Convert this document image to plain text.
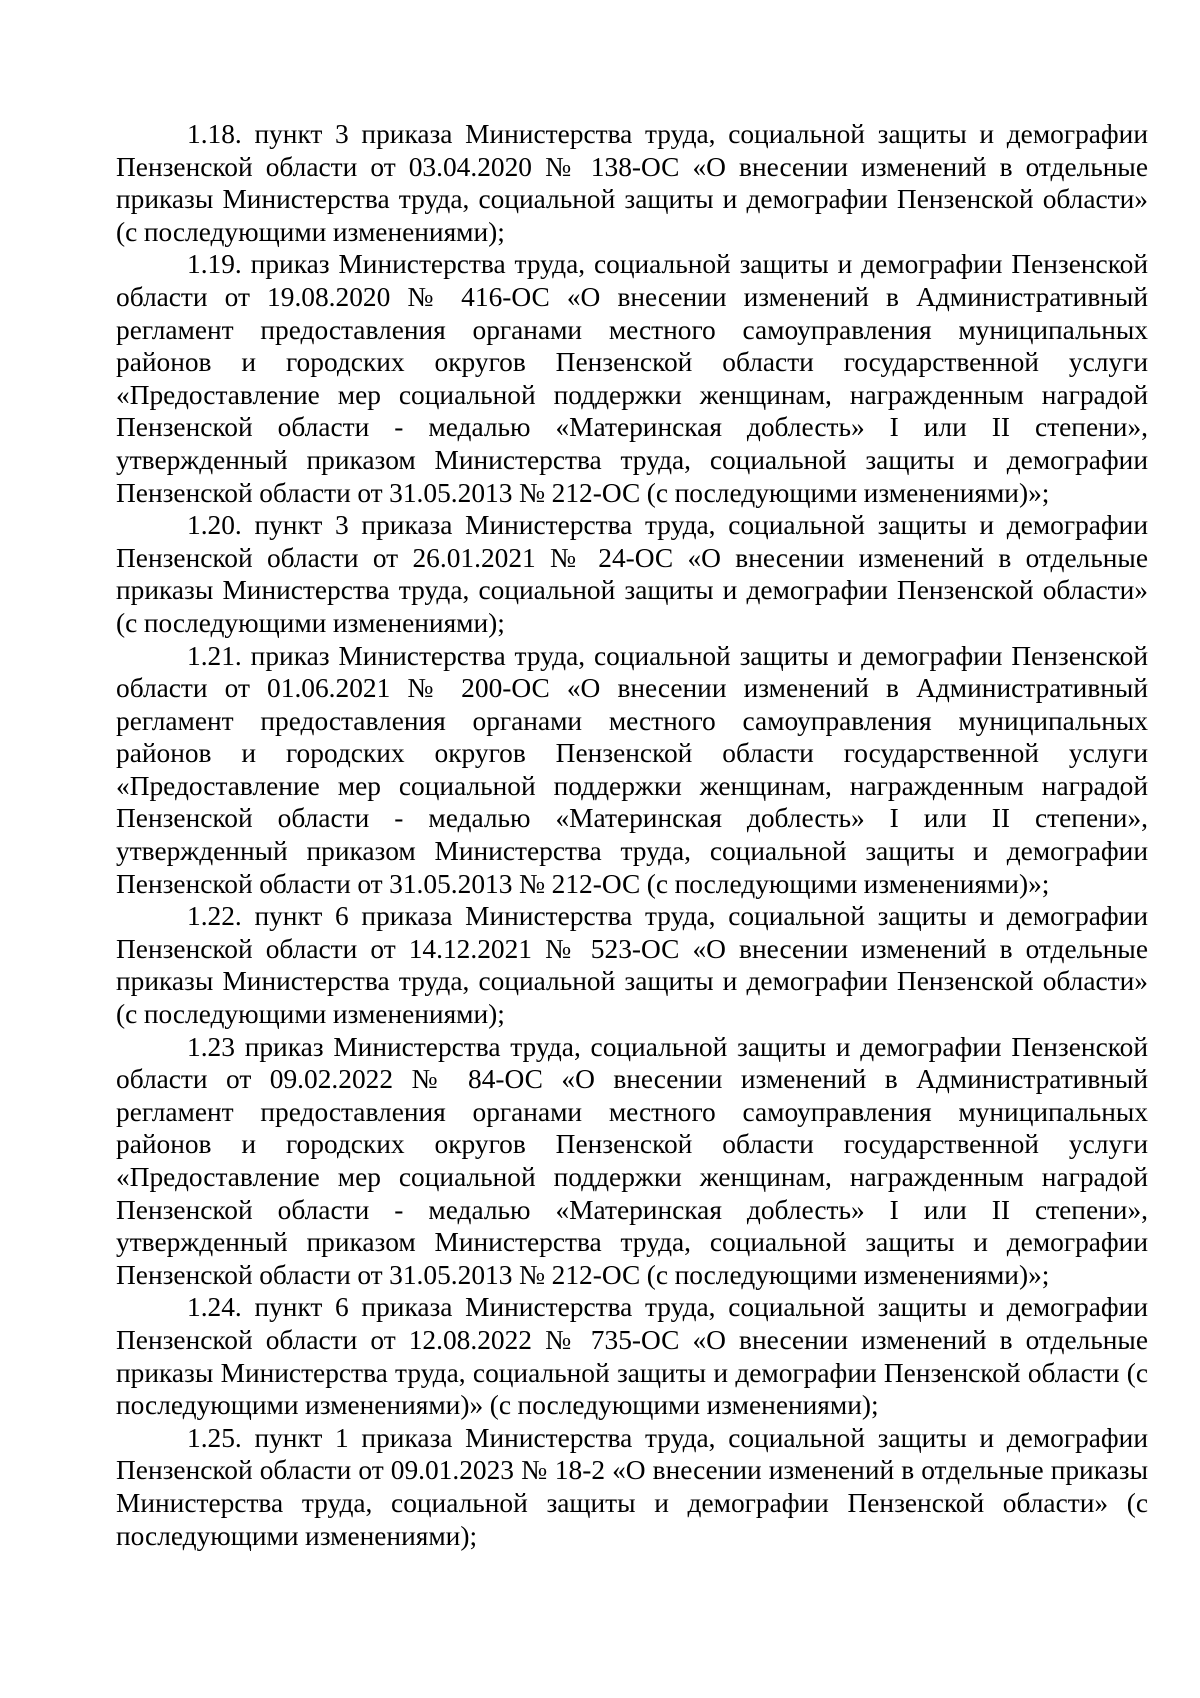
1.18. пункт 3 приказа Министерства труда, социальной защиты и демографии Пензенской области от 03.04.2020 № 138-ОС «О внесении изменений в отдельные приказы Министерства труда, социальной защиты и демографии Пензенской области» (с последующими изменениями);

1.19. приказ Министерства труда, социальной защиты и демографии Пензенской области от 19.08.2020 № 416-ОС «О внесении изменений в Административный регламент предоставления органами местного самоуправления муниципальных районов и городских округов Пензенской области государственной услуги «Предоставление мер социальной поддержки женщинам, награжденным наградой Пензенской области - медалью «Материнская доблесть» I или II степени», утвержденный приказом Министерства труда, социальной защиты и демографии Пензенской области от 31.05.2013 № 212-ОС (с последующими изменениями)»;

1.20. пункт 3 приказа Министерства труда, социальной защиты и демографии Пензенской области от 26.01.2021 № 24-ОС «О внесении изменений в отдельные приказы Министерства труда, социальной защиты и демографии Пензенской области» (с последующими изменениями);

1.21. приказ Министерства труда, социальной защиты и демографии Пензенской области от 01.06.2021 № 200-ОС «О внесении изменений в Административный регламент предоставления органами местного самоуправления муниципальных районов и городских округов Пензенской области государственной услуги «Предоставление мер социальной поддержки женщинам, награжденным наградой Пензенской области - медалью «Материнская доблесть» I или II степени», утвержденный приказом Министерства труда, социальной защиты и демографии Пензенской области от 31.05.2013 № 212-ОС (с последующими изменениями)»;

1.22. пункт 6 приказа Министерства труда, социальной защиты и демографии Пензенской области от 14.12.2021 № 523-ОС «О внесении изменений в отдельные приказы Министерства труда, социальной защиты и демографии Пензенской области» (с последующими изменениями);

1.23 приказ Министерства труда, социальной защиты и демографии Пензенской области от 09.02.2022 № 84-ОС «О внесении изменений в Административный регламент предоставления органами местного самоуправления муниципальных районов и городских округов Пензенской области государственной услуги «Предоставление мер социальной поддержки женщинам, награжденным наградой Пензенской области - медалью «Материнская доблесть» I или II степени», утвержденный приказом Министерства труда, социальной защиты и демографии Пензенской области от 31.05.2013 № 212-ОС (с последующими изменениями)»;

1.24. пункт 6 приказа Министерства труда, социальной защиты и демографии Пензенской области от 12.08.2022 № 735-ОС «О внесении изменений в отдельные приказы Министерства труда, социальной защиты и демографии Пензенской области (с последующими изменениями)» (с последующими изменениями);

1.25. пункт 1 приказа Министерства труда, социальной защиты и демографии Пензенской области от 09.01.2023 № 18-2 «О внесении изменений в отдельные приказы Министерства труда, социальной защиты и демографии Пензенской области» (с последующими изменениями);
